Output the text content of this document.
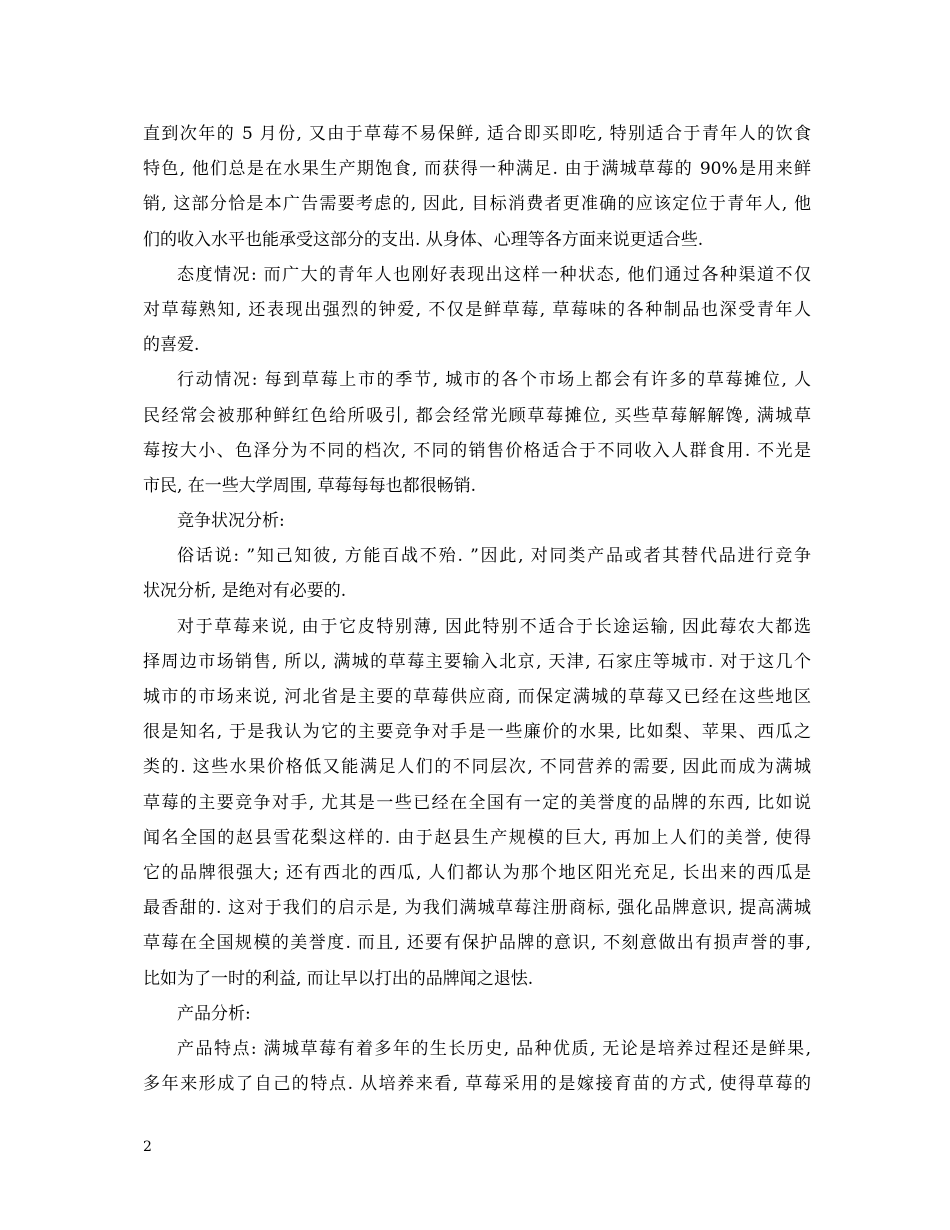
直到次年的 5 月份, 又由于草莓不易保鲜, 适合即买即吃, 特别适合于青年人的饮食
特色, 他们总是在水果生产期饱食, 而获得一种满足. 由于满城草莓的 90%是用来鲜
销, 这部分恰是本广告需要考虑的, 因此, 目标消费者更准确的应该定位于青年人, 他
们的收入水平也能承受这部分的支出. 从身体、心理等各方面来说更适合些.
态度情况: 而广大的青年人也刚好表现出这样一种状态, 他们通过各种渠道不仅
对草莓熟知, 还表现出强烈的钟爱, 不仅是鲜草莓, 草莓味的各种制品也深受青年人
的喜爱.
行动情况: 每到草莓上市的季节, 城市的各个市场上都会有许多的草莓摊位, 人
民经常会被那种鲜红色给所吸引, 都会经常光顾草莓摊位, 买些草莓解解馋, 满城草
莓按大小、色泽分为不同的档次, 不同的销售价格适合于不同收入人群食用. 不光是
市民, 在一些大学周围, 草莓每每也都很畅销.
竞争状况分析:
俗话说: ”知己知彼, 方能百战不殆. ”因此, 对同类产品或者其替代品进行竞争
状况分析, 是绝对有必要的.
对于草莓来说, 由于它皮特别薄, 因此特别不适合于长途运输, 因此莓农大都选
择周边市场销售, 所以, 满城的草莓主要输入北京, 天津, 石家庄等城市. 对于这几个
城市的市场来说, 河北省是主要的草莓供应商, 而保定满城的草莓又已经在这些地区
很是知名, 于是我认为它的主要竞争对手是一些廉价的水果, 比如梨、苹果、西瓜之
类的. 这些水果价格低又能满足人们的不同层次, 不同营养的需要, 因此而成为满城
草莓的主要竞争对手, 尤其是一些已经在全国有一定的美誉度的品牌的东西, 比如说
闻名全国的赵县雪花梨这样的. 由于赵县生产规模的巨大, 再加上人们的美誉, 使得
它的品牌很强大; 还有西北的西瓜, 人们都认为那个地区阳光充足, 长出来的西瓜是
最香甜的. 这对于我们的启示是, 为我们满城草莓注册商标, 强化品牌意识, 提高满城
草莓在全国规模的美誉度. 而且, 还要有保护品牌的意识, 不刻意做出有损声誉的事,
比如为了一时的利益, 而让早以打出的品牌闻之退怯.
产品分析:
产品特点: 满城草莓有着多年的生长历史, 品种优质, 无论是培养过程还是鲜果,
多年来形成了自己的特点. 从培养来看, 草莓采用的是嫁接育苗的方式, 使得草莓的
2
